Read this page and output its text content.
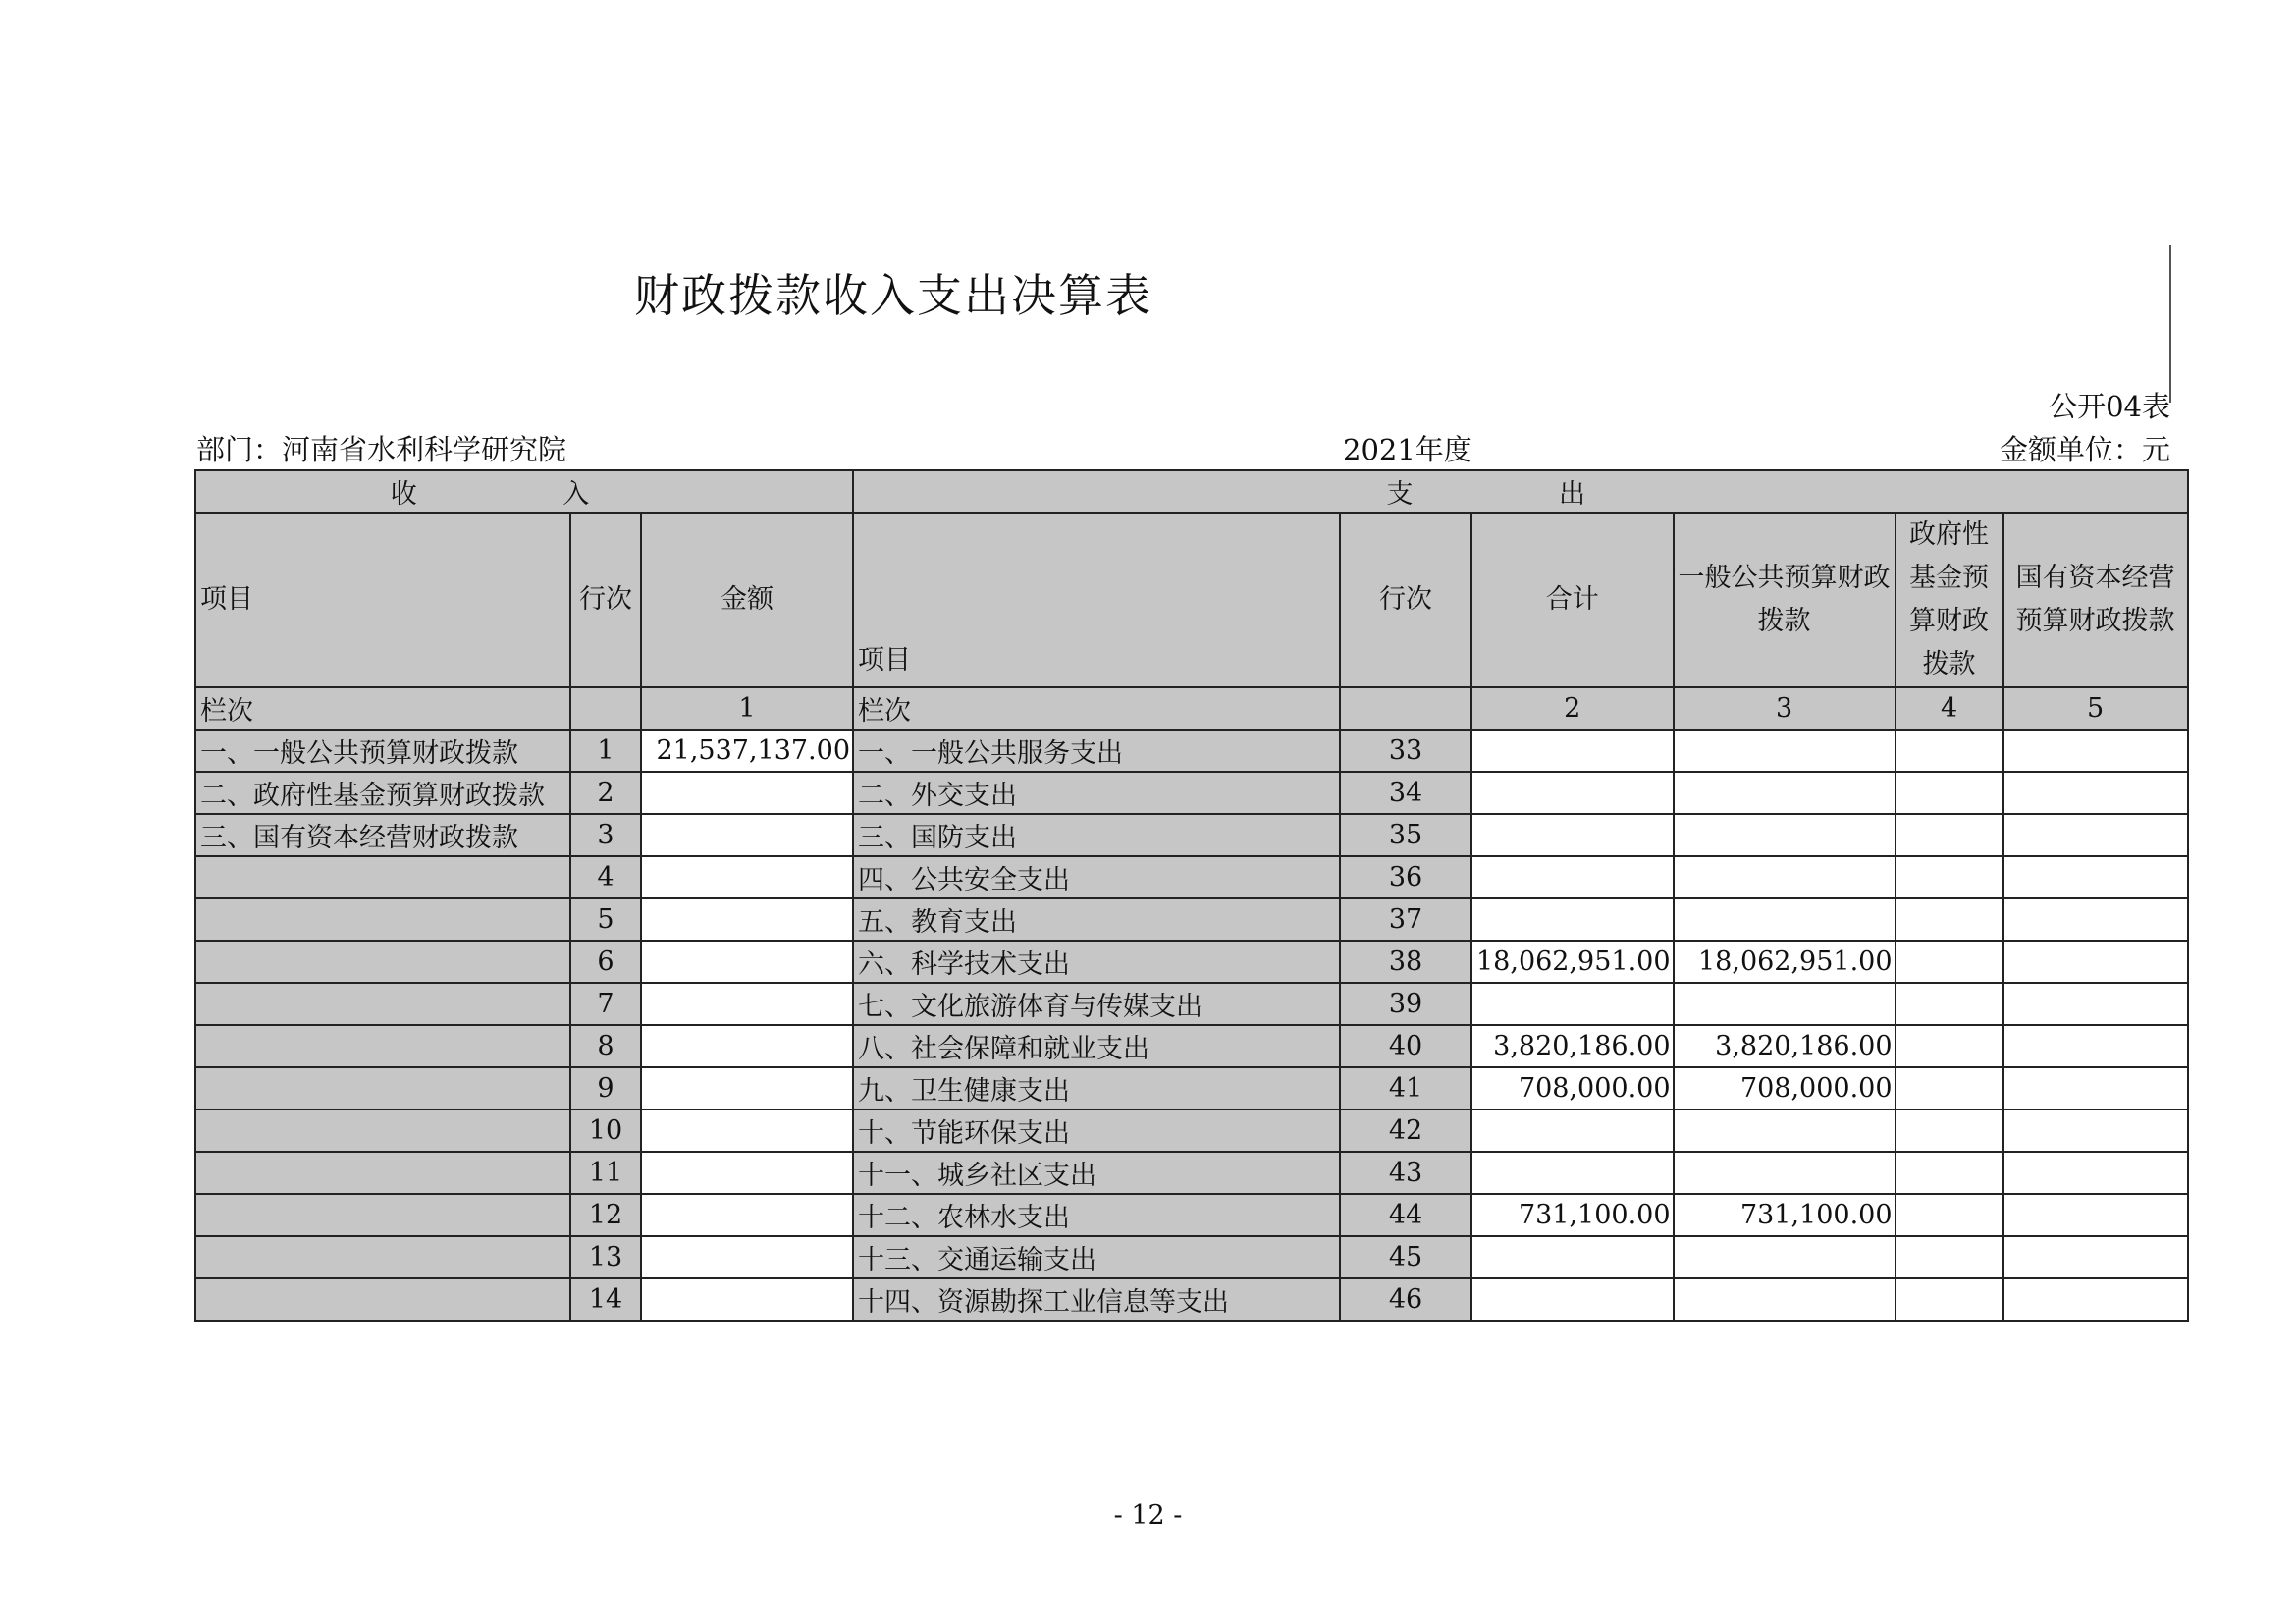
财政拨款收入支出决算表
公开04表
部门：河南省水利科学研究院	2021年度	金额单位：元
收 入			支 出					
项目	行次	金额	项目	行次	合计	一般公共预算财政拨款	政府性基金预算财政拨款	国有资本经营预算财政拨款
栏次		1	栏次		2	3	4	5
一、一般公共预算财政拨款	1	21,537,137.00	一、一般公共服务支出	33				
二、政府性基金预算财政拨款	2		二、外交支出	34				
三、国有资本经营财政拨款	3		三、国防支出	35				
	4		四、公共安全支出	36				
	5		五、教育支出	37				
	6		六、科学技术支出	38	18,062,951.00	18,062,951.00		
	7		七、文化旅游体育与传媒支出	39				
	8		八、社会保障和就业支出	40	3,820,186.00	3,820,186.00		
	9		九、卫生健康支出	41	708,000.00	708,000.00		
	10		十、节能环保支出	42				
	11		十一、城乡社区支出	43				
	12		十二、农林水支出	44	731,100.00	731,100.00		
	13		十三、交通运输支出	45				
	14		十四、资源勘探工业信息等支出	46				
- 12 -
